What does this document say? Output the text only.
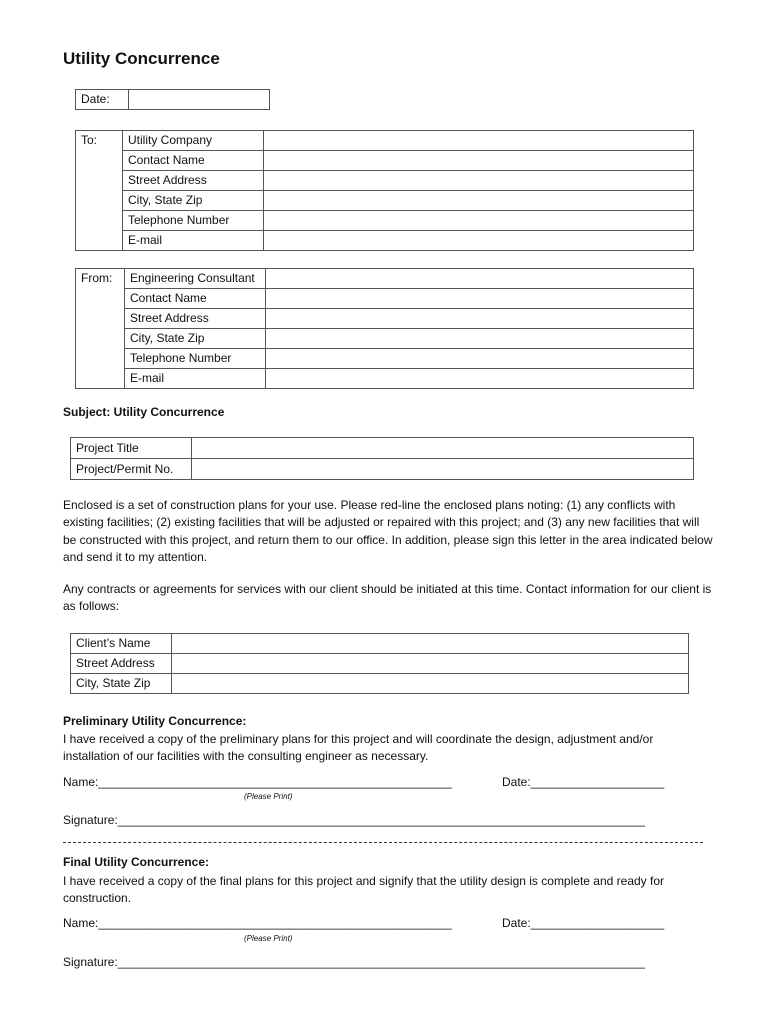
Utility Concurrence
Date:	
To:	Utility Company	
	Contact Name	
	Street Address	
	City, State Zip	
	Telephone Number	
	E-mail	
From:	Engineering Consultant	
	Contact Name	
	Street Address	
	City, State Zip	
	Telephone Number	
	E-mail	
Subject: Utility Concurrence
Project Title	
Project/Permit No.	
Enclosed is a set of construction plans for your use. Please red-line the enclosed plans noting: (1) any conflicts with existing facilities; (2) existing facilities that will be adjusted or repaired with this project; and (3) any new facilities that will be constructed with this project, and return them to our office. In addition, please sign this letter in the area indicated below and send it to my attention.
Any contracts or agreements for services with our client should be initiated at this time. Contact information for our client is as follows:
Client’s Name	
Street Address	
City, State Zip	
Preliminary Utility Concurrence:
I have received a copy of the preliminary plans for this project and will coordinate the design, adjustment and/or installation of our facilities with the consulting engineer as necessary.
Name:_____________________________________________________	Date:____________________
(Please Print)
Signature:_______________________________________________________________________________
Final Utility Concurrence:
I have received a copy of the final plans for this project and signify that the utility design is complete and ready for construction.
Name:_____________________________________________________	Date:____________________
(Please Print)
Signature:_______________________________________________________________________________
